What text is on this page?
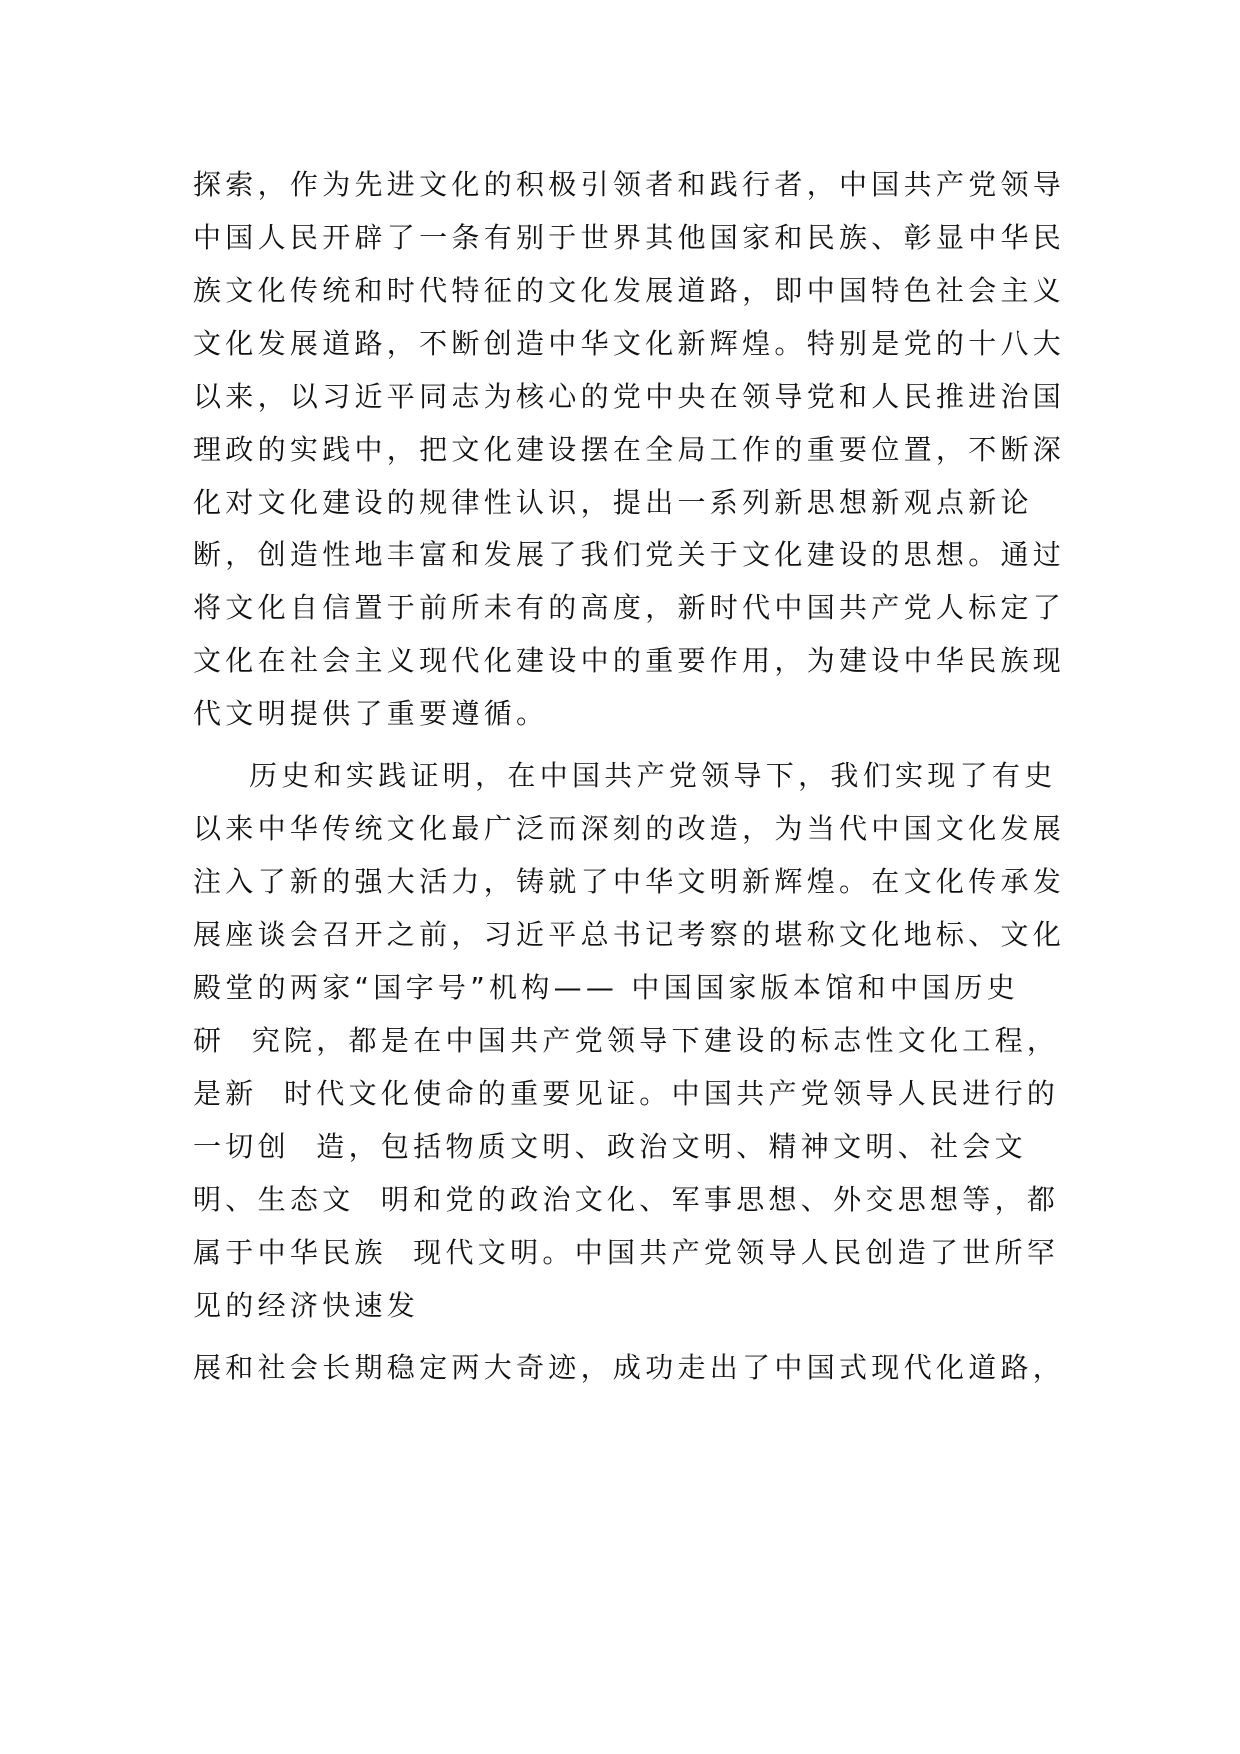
探索，作为先进文化的积极引领者和践行者，中国共产党领导

中国人民开辟了一条有别于世界其他国家和民族、彰显中华民

族文化传统和时代特征的文化发展道路，即中国特色社会主义

文化发展道路，不断创造中华文化新辉煌。特别是党的十八大

以来，以习近平同志为核心的党中央在领导党和人民推进治国

理政的实践中，把文化建设摆在全局工作的重要位置，不断深

化对文化建设的规律性认识，提出一系列新思想新观点新论

断，创造性地丰富和发展了我们党关于文化建设的思想。通过

将文化自信置于前所未有的高度，新时代中国共产党人标定了

文化在社会主义现代化建设中的重要作用，为建设中华民族现

代文明提供了重要遵循。

历史和实践证明，在中国共产党领导下，我们实现了有史

以来中华传统文化最广泛而深刻的改造，为当代中国文化发展

注入了新的强大活力，铸就了中华文明新辉煌。在文化传承发

展座谈会召开之前，习近平总书记考察的堪称文化地标、文化

殿堂的两家“国字号”机构—— 中国国家版本馆和中国历史

研  究院，都是在中国共产党领导下建设的标志性文化工程，

是新  时代文化使命的重要见证。中国共产党领导人民进行的

一切创  造，包括物质文明、政治文明、精神文明、社会文

明、生态文  明和党的政治文化、军事思想、外交思想等，都

属于中华民族  现代文明。中国共产党领导人民创造了世所罕

见的经济快速发

展和社会长期稳定两大奇迹，成功走出了中国式现代化道路，
